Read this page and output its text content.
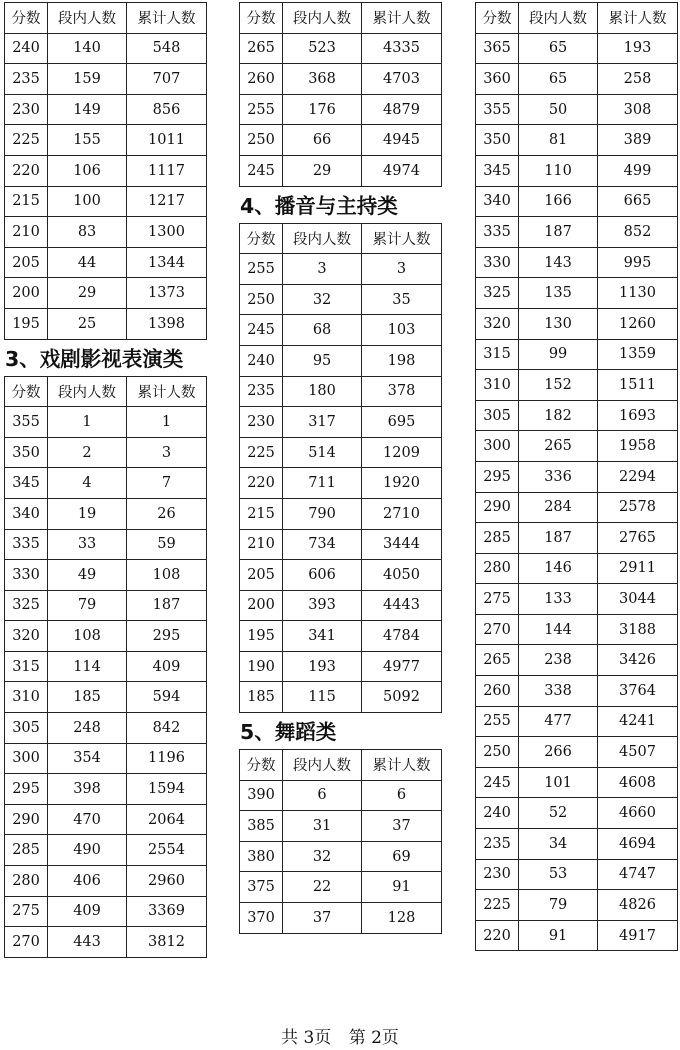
分数	段内人数	累计人数
240	140	548
235	159	707
230	149	856
225	155	1011
220	106	1117
215	100	1217
210	83	1300
205	44	1344
200	29	1373
195	25	1398
3、戏剧影视表演类
分数	段内人数	累计人数
355	1	1
350	2	3
345	4	7
340	19	26
335	33	59
330	49	108
325	79	187
320	108	295
315	114	409
310	185	594
305	248	842
300	354	1196
295	398	1594
290	470	2064
285	490	2554
280	406	2960
275	409	3369
270	443	3812
分数	段内人数	累计人数
265	523	4335
260	368	4703
255	176	4879
250	66	4945
245	29	4974
4、播音与主持类
分数	段内人数	累计人数
255	3	3
250	32	35
245	68	103
240	95	198
235	180	378
230	317	695
225	514	1209
220	711	1920
215	790	2710
210	734	3444
205	606	4050
200	393	4443
195	341	4784
190	193	4977
185	115	5092
5、舞蹈类
分数	段内人数	累计人数
390	6	6
385	31	37
380	32	69
375	22	91
370	37	128
分数	段内人数	累计人数
365	65	193
360	65	258
355	50	308
350	81	389
345	110	499
340	166	665
335	187	852
330	143	995
325	135	1130
320	130	1260
315	99	1359
310	152	1511
305	182	1693
300	265	1958
295	336	2294
290	284	2578
285	187	2765
280	146	2911
275	133	3044
270	144	3188
265	238	3426
260	338	3764
255	477	4241
250	266	4507
245	101	4608
240	52	4660
235	34	4694
230	53	4747
225	79	4826
220	91	4917
共 3页 第 2页
